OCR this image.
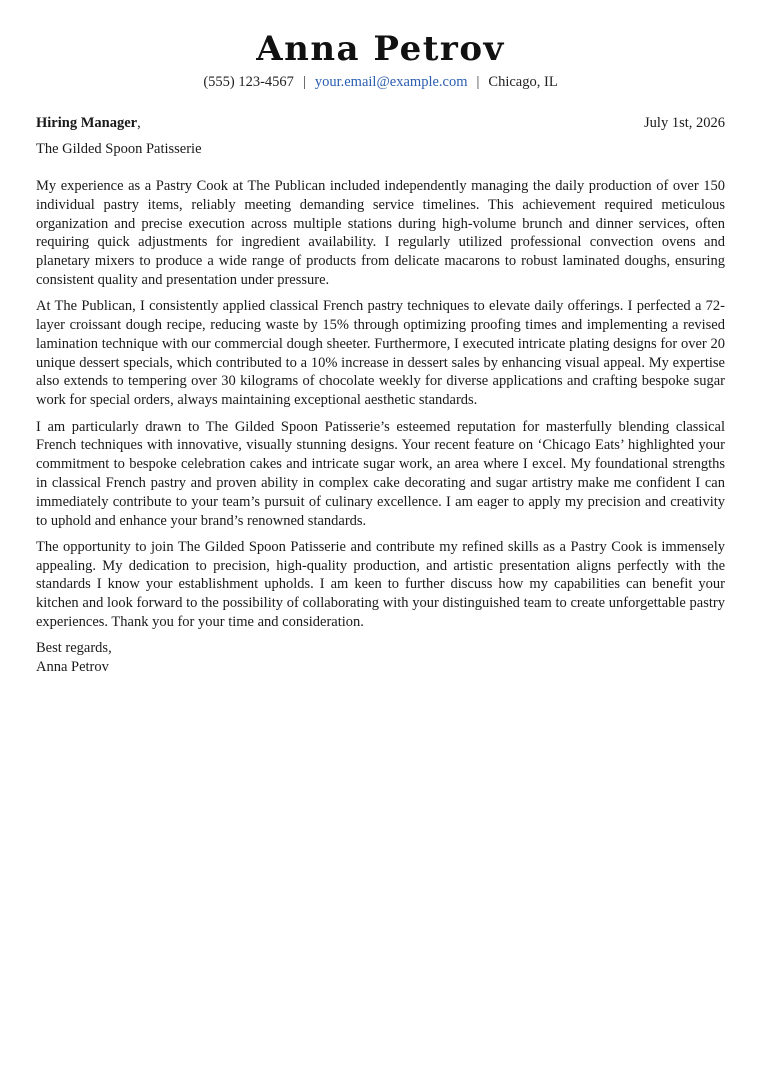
Anna Petrov
(555) 123-4567 | your.email@example.com | Chicago, IL
Hiring Manager,	July 1st, 2026
The Gilded Spoon Patisserie

My experience as a Pastry Cook at The Publican included independently managing the daily production of over 150 individual pastry items, reliably meeting demanding service timelines. This achievement required meticulous organization and precise execution across multiple stations during high-volume brunch and dinner services, often requiring quick adjustments for ingredient availability. I regularly utilized professional convection ovens and planetary mixers to produce a wide range of products from delicate macarons to robust laminated doughs, ensuring consistent quality and presentation under pressure.

At The Publican, I consistently applied classical French pastry techniques to elevate daily offerings. I perfected a 72-layer croissant dough recipe, reducing waste by 15% through optimizing proofing times and implementing a revised lamination technique with our commercial dough sheeter. Furthermore, I executed intricate plating designs for over 20 unique dessert specials, which contributed to a 10% increase in dessert sales by enhancing visual appeal. My expertise also extends to tempering over 30 kilograms of chocolate weekly for diverse applications and crafting bespoke sugar work for special orders, always maintaining exceptional aesthetic standards.

I am particularly drawn to The Gilded Spoon Patisserie’s esteemed reputation for masterfully blending classical French techniques with innovative, visually stunning designs. Your recent feature on ‘Chicago Eats’ highlighted your commitment to bespoke celebration cakes and intricate sugar work, an area where I excel. My foundational strengths in classical French pastry and proven ability in complex cake decorating and sugar artistry make me confident I can immediately contribute to your team’s pursuit of culinary excellence. I am eager to apply my precision and creativity to uphold and enhance your brand’s renowned standards.

The opportunity to join The Gilded Spoon Patisserie and contribute my refined skills as a Pastry Cook is immensely appealing. My dedication to precision, high-quality production, and artistic presentation aligns perfectly with the standards I know your establishment upholds. I am keen to further discuss how my capabilities can benefit your kitchen and look forward to the possibility of collaborating with your distinguished team to create unforgettable pastry experiences. Thank you for your time and consideration.

Best regards,
Anna Petrov
